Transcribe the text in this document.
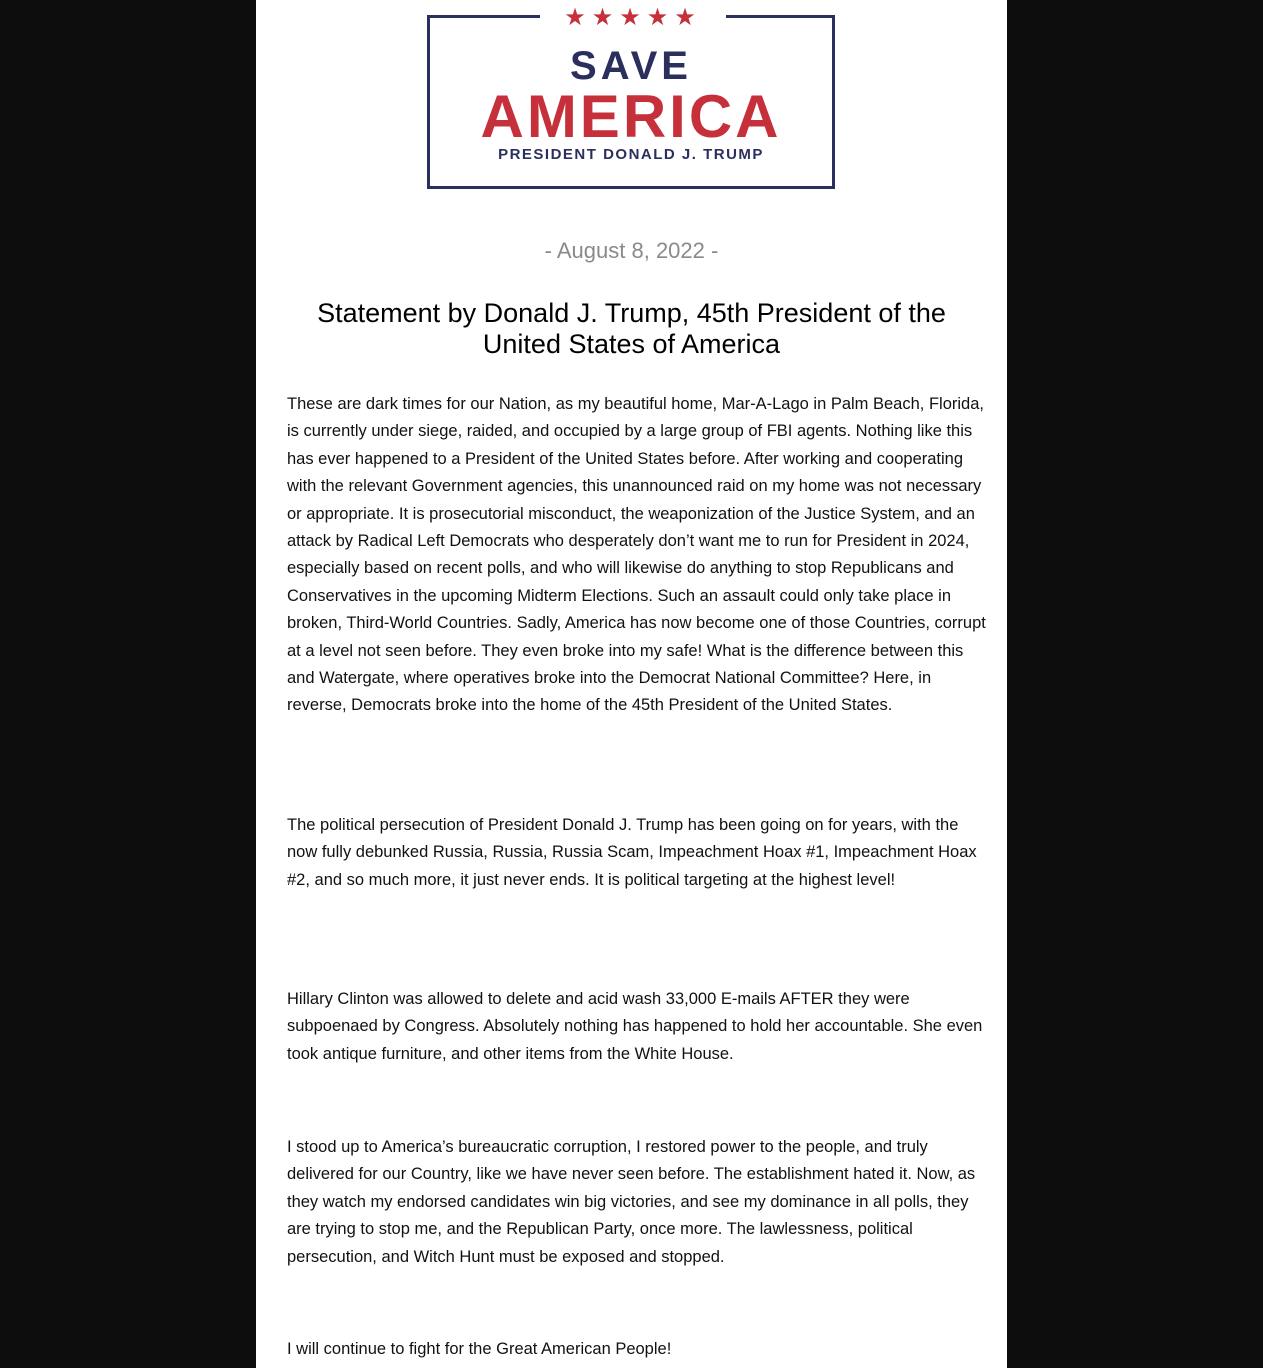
★★★★★
SAVE
AMERICA
PRESIDENT DONALD J. TRUMP
- August 8, 2022 -
Statement by Donald J. Trump, 45th President of the United States of America

These are dark times for our Nation, as my beautiful home, Mar-A-Lago in Palm Beach, Florida, is currently under siege, raided, and occupied by a large group of FBI agents. Nothing like this has ever happened to a President of the United States before. After working and cooperating with the relevant Government agencies, this unannounced raid on my home was not necessary or appropriate. It is prosecutorial misconduct, the weaponization of the Justice System, and an attack by Radical Left Democrats who desperately don’t want me to run for President in 2024, especially based on recent polls, and who will likewise do anything to stop Republicans and Conservatives in the upcoming Midterm Elections. Such an assault could only take place in broken, Third-World Countries. Sadly, America has now become one of those Countries, corrupt at a level not seen before. They even broke into my safe! What is the difference between this and Watergate, where operatives broke into the Democrat National Committee? Here, in reverse, Democrats broke into the home of the 45th President of the United States.

The political persecution of President Donald J. Trump has been going on for years, with the now fully debunked Russia, Russia, Russia Scam, Impeachment Hoax #1, Impeachment Hoax #2, and so much more, it just never ends. It is political targeting at the highest level!

Hillary Clinton was allowed to delete and acid wash 33,000 E-mails AFTER they were subpoenaed by Congress. Absolutely nothing has happened to hold her accountable. She even took antique furniture, and other items from the White House.

I stood up to America’s bureaucratic corruption, I restored power to the people, and truly delivered for our Country, like we have never seen before. The establishment hated it. Now, as they watch my endorsed candidates win big victories, and see my dominance in all polls, they are trying to stop me, and the Republican Party, once more. The lawlessness, political persecution, and Witch Hunt must be exposed and stopped.

I will continue to fight for the Great American People!
